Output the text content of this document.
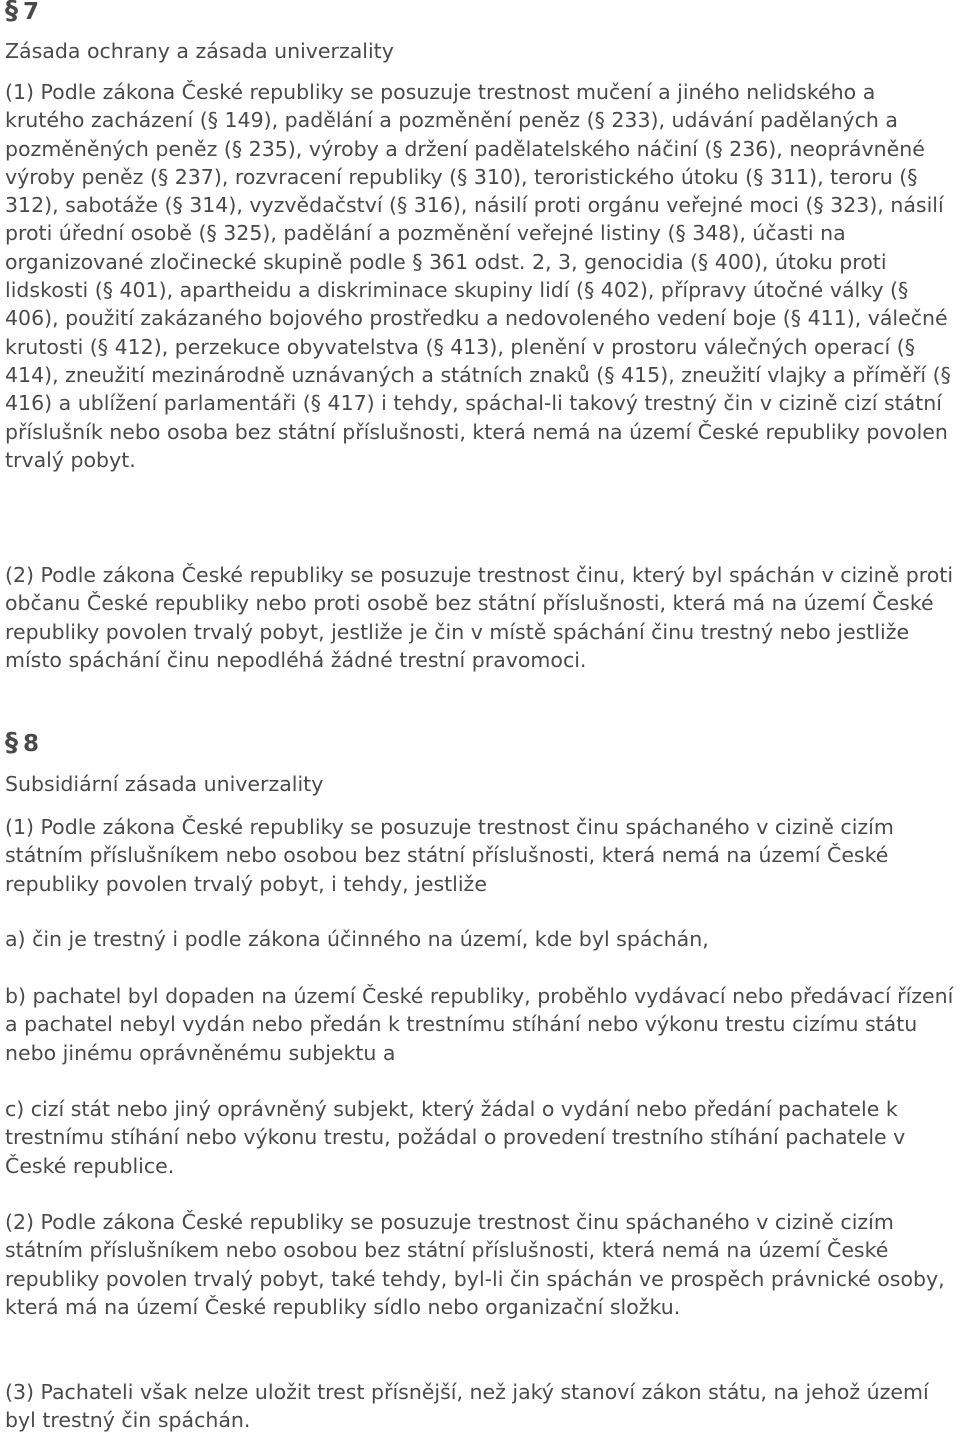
§ 7
Zásada ochrany a zásada univerzality

(1) Podle zákona České republiky se posuzuje trestnost mučení a jiného nelidského a krutého zacházení (§ 149), padělání a pozměnění peněz (§ 233), udávání padělaných a pozměněných peněz (§ 235), výroby a držení padělatelského náčiní (§ 236), neoprávněné výroby peněz (§ 237), rozvracení republiky (§ 310), teroristického útoku (§ 311), teroru (§ 312), sabotáže (§ 314), vyzvědačství (§ 316), násilí proti orgánu veřejné moci (§ 323), násilí proti úřední osobě (§ 325), padělání a pozměnění veřejné listiny (§ 348), účasti na organizované zločinecké skupině podle § 361 odst. 2, 3, genocidia (§ 400), útoku proti lidskosti (§ 401), apartheidu a diskriminace skupiny lidí (§ 402), přípravy útočné války (§ 406), použití zakázaného bojového prostředku a nedovoleného vedení boje (§ 411), válečné krutosti (§ 412), perzekuce obyvatelstva (§ 413), plenění v prostoru válečných operací (§ 414), zneužití mezinárodně uznávaných a státních znaků (§ 415), zneužití vlajky a příměří (§ 416) a ublížení parlamentáři (§ 417) i tehdy, spáchal-li takový trestný čin v cizině cizí státní příslušník nebo osoba bez státní příslušnosti, která nemá na území České republiky povolen trvalý pobyt.

(2) Podle zákona České republiky se posuzuje trestnost činu, který byl spáchán v cizině proti občanu České republiky nebo proti osobě bez státní příslušnosti, která má na území České republiky povolen trvalý pobyt, jestliže je čin v místě spáchání činu trestný nebo jestliže místo spáchání činu nepodléhá žádné trestní pravomoci.

§ 8
Subsidiární zásada univerzality

(1) Podle zákona České republiky se posuzuje trestnost činu spáchaného v cizině cizím státním příslušníkem nebo osobou bez státní příslušnosti, která nemá na území České republiky povolen trvalý pobyt, i tehdy, jestliže

a) čin je trestný i podle zákona účinného na území, kde byl spáchán,

b) pachatel byl dopaden na území České republiky, proběhlo vydávací nebo předávací řízení a pachatel nebyl vydán nebo předán k trestnímu stíhání nebo výkonu trestu cizímu státu nebo jinému oprávněnému subjektu a

c) cizí stát nebo jiný oprávněný subjekt, který žádal o vydání nebo předání pachatele k trestnímu stíhání nebo výkonu trestu, požádal o provedení trestního stíhání pachatele v České republice.

(2) Podle zákona České republiky se posuzuje trestnost činu spáchaného v cizině cizím státním příslušníkem nebo osobou bez státní příslušnosti, která nemá na území České republiky povolen trvalý pobyt, také tehdy, byl-li čin spáchán ve prospěch právnické osoby, která má na území České republiky sídlo nebo organizační složku.

(3) Pachateli však nelze uložit trest přísnější, než jaký stanoví zákon státu, na jehož území byl trestný čin spáchán.
